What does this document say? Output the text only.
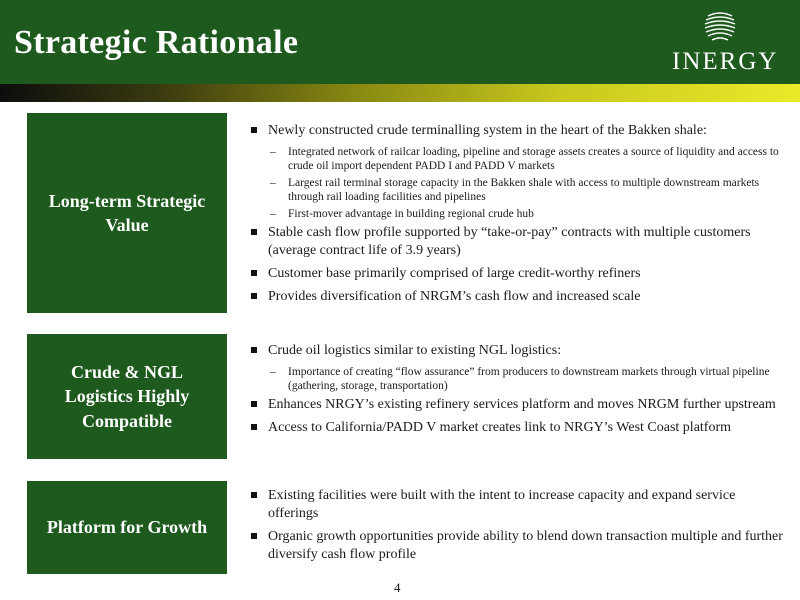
Strategic Rationale
INERGY
Long-term Strategic Value
Newly constructed crude terminalling system in the heart of the Bakken shale:
– Integrated network of railcar loading, pipeline and storage assets creates a source of liquidity and access to crude oil import dependent PADD I and PADD V markets
– Largest rail terminal storage capacity in the Bakken shale with access to multiple downstream markets through rail loading facilities and pipelines
– First-mover advantage in building regional crude hub
Stable cash flow profile supported by “take-or-pay” contracts with multiple customers (average contract life of 3.9 years)
Customer base primarily comprised of large credit-worthy refiners
Provides diversification of NRGM’s cash flow and increased scale
Crude & NGL Logistics Highly Compatible
Crude oil logistics similar to existing NGL logistics:
– Importance of creating “flow assurance” from producers to downstream markets through virtual pipeline (gathering, storage, transportation)
Enhances NRGY’s existing refinery services platform and moves NRGM further upstream
Access to California/PADD V market creates link to NRGY’s West Coast platform
Platform for Growth
Existing facilities were built with the intent to increase capacity and expand service offerings
Organic growth opportunities provide ability to blend down transaction multiple and further diversify cash flow profile
4
